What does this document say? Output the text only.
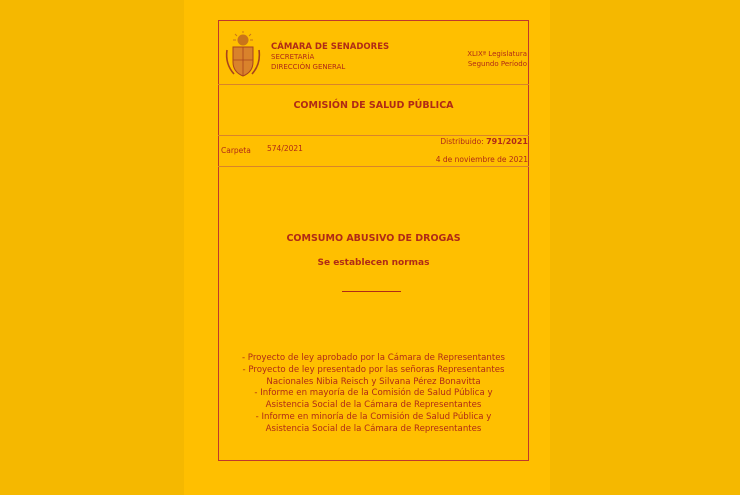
CÁMARA DE SENADORES
SECRETARÍA
DIRECCIÓN GENERAL
XLIXª Legislatura
Segundo Período
COMISIÓN DE SALUD PÚBLICA
Carpeta 574/2021
Distribuido: 791/2021
4 de noviembre de 2021
COMSUMO ABUSIVO DE DROGAS
Se establecen normas
- Proyecto de ley aprobado por la Cámara de Representantes
- Proyecto de ley presentado por las señoras Representantes
Nacionales Nibia Reisch y Silvana Pérez Bonavitta
- Informe en mayoría de la Comisión de Salud Pública y
Asistencia Social de la Cámara de Representantes
- Informe en minoría de la Comisión de Salud Pública y
Asistencia Social de la Cámara de Representantes
